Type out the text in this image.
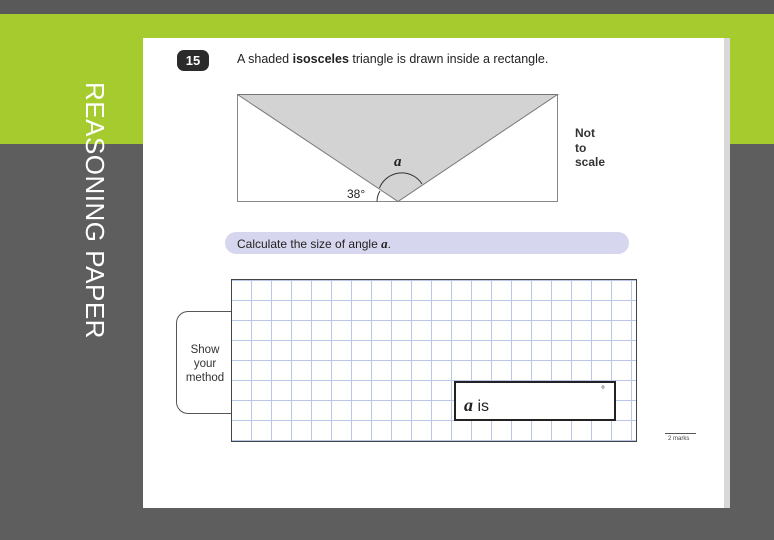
REASONING PAPER
15	A shaded isosceles triangle is drawn inside a rectangle.
a
38°
Not
to
scale
Calculate the size of angle a.
Show
your
method
a is
°
2 marks
